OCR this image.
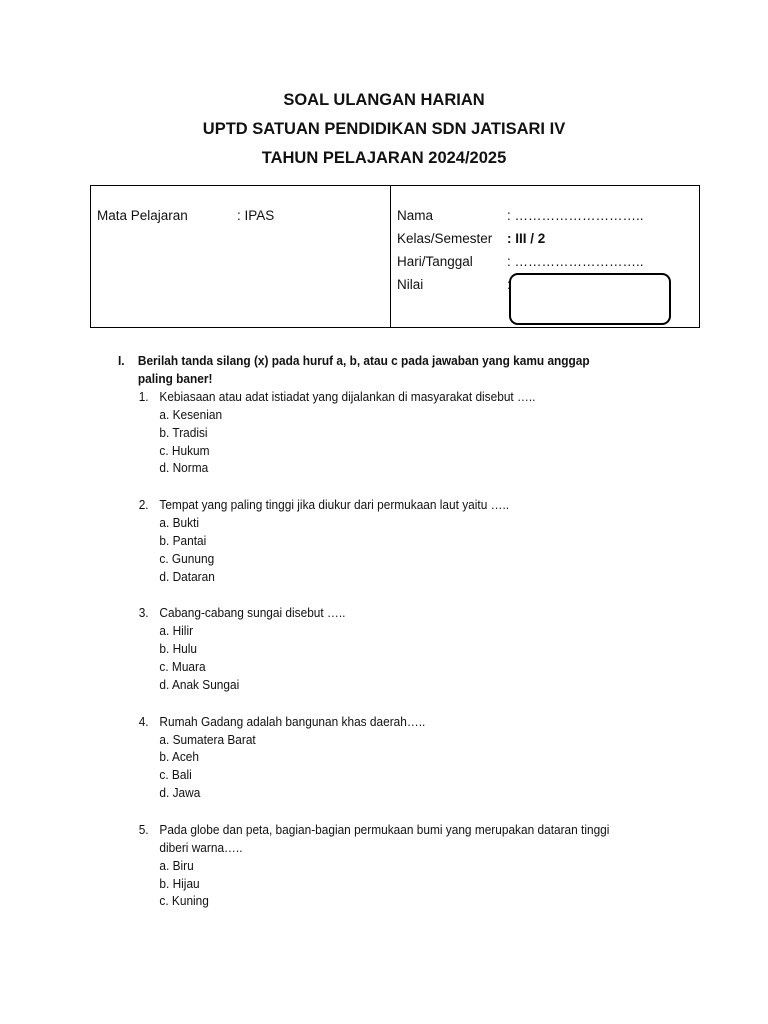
SOAL ULANGAN HARIAN
UPTD SATUAN PENDIDIKAN SDN JATISARI IV
TAHUN PELAJARAN 2024/2025
Mata Pelajaran	: IPAS	Nama	: ………………………..
Kelas/Semester	: III / 2
Hari/Tanggal	: ………………………..
Nilai	:
I.	Berilah tanda silang (x) pada huruf a, b, atau c pada jawaban yang kamu anggap paling baner!
1. Kebiasaan atau adat istiadat yang dijalankan di masyarakat disebut …..
a. Kesenian
b. Tradisi
c. Hukum
d. Norma
2. Tempat yang paling tinggi jika diukur dari permukaan laut yaitu …..
a. Bukti
b. Pantai
c. Gunung
d. Dataran
3. Cabang-cabang sungai disebut …..
a. Hilir
b. Hulu
c. Muara
d. Anak Sungai
4. Rumah Gadang adalah bangunan khas daerah…..
a. Sumatera Barat
b. Aceh
c. Bali
d. Jawa
5. Pada globe dan peta, bagian-bagian permukaan bumi yang merupakan dataran tinggi diberi warna…..
a. Biru
b. Hijau
c. Kuning
